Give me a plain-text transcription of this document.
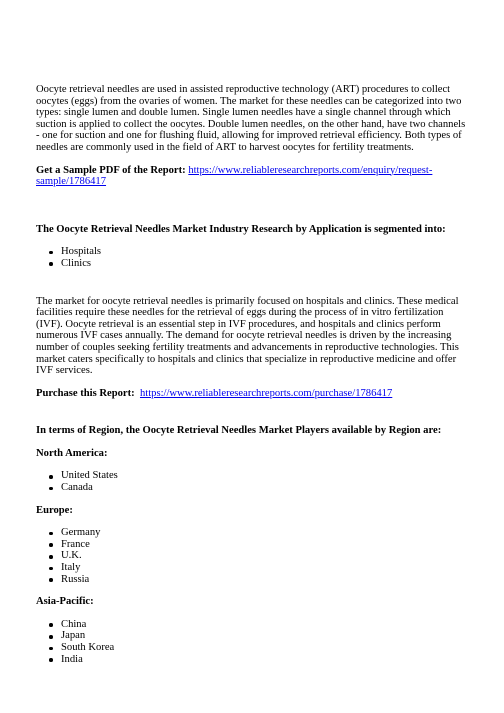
Oocyte retrieval needles are used in assisted reproductive technology (ART) procedures to collect oocytes (eggs) from the ovaries of women. The market for these needles can be categorized into two types: single lumen and double lumen. Single lumen needles have a single channel through which suction is applied to collect the oocytes. Double lumen needles, on the other hand, have two channels - one for suction and one for flushing fluid, allowing for improved retrieval efficiency. Both types of needles are commonly used in the field of ART to harvest oocytes for fertility treatments.

Get a Sample PDF of the Report: https://www.reliableresearchreports.com/enquiry/request-sample/1786417

The Oocyte Retrieval Needles Market Industry Research by Application is segmented into:

Hospitals
Clinics

The market for oocyte retrieval needles is primarily focused on hospitals and clinics. These medical facilities require these needles for the retrieval of eggs during the process of in vitro fertilization (IVF). Oocyte retrieval is an essential step in IVF procedures, and hospitals and clinics perform numerous IVF cases annually. The demand for oocyte retrieval needles is driven by the increasing number of couples seeking fertility treatments and advancements in reproductive technologies. This market caters specifically to hospitals and clinics that specialize in reproductive medicine and offer IVF services.

Purchase this Report: https://www.reliableresearchreports.com/purchase/1786417

In terms of Region, the Oocyte Retrieval Needles Market Players available by Region are:

North America:

United States
Canada

Europe:

Germany
France
U.K.
Italy
Russia

Asia-Pacific:

China
Japan
South Korea
India
